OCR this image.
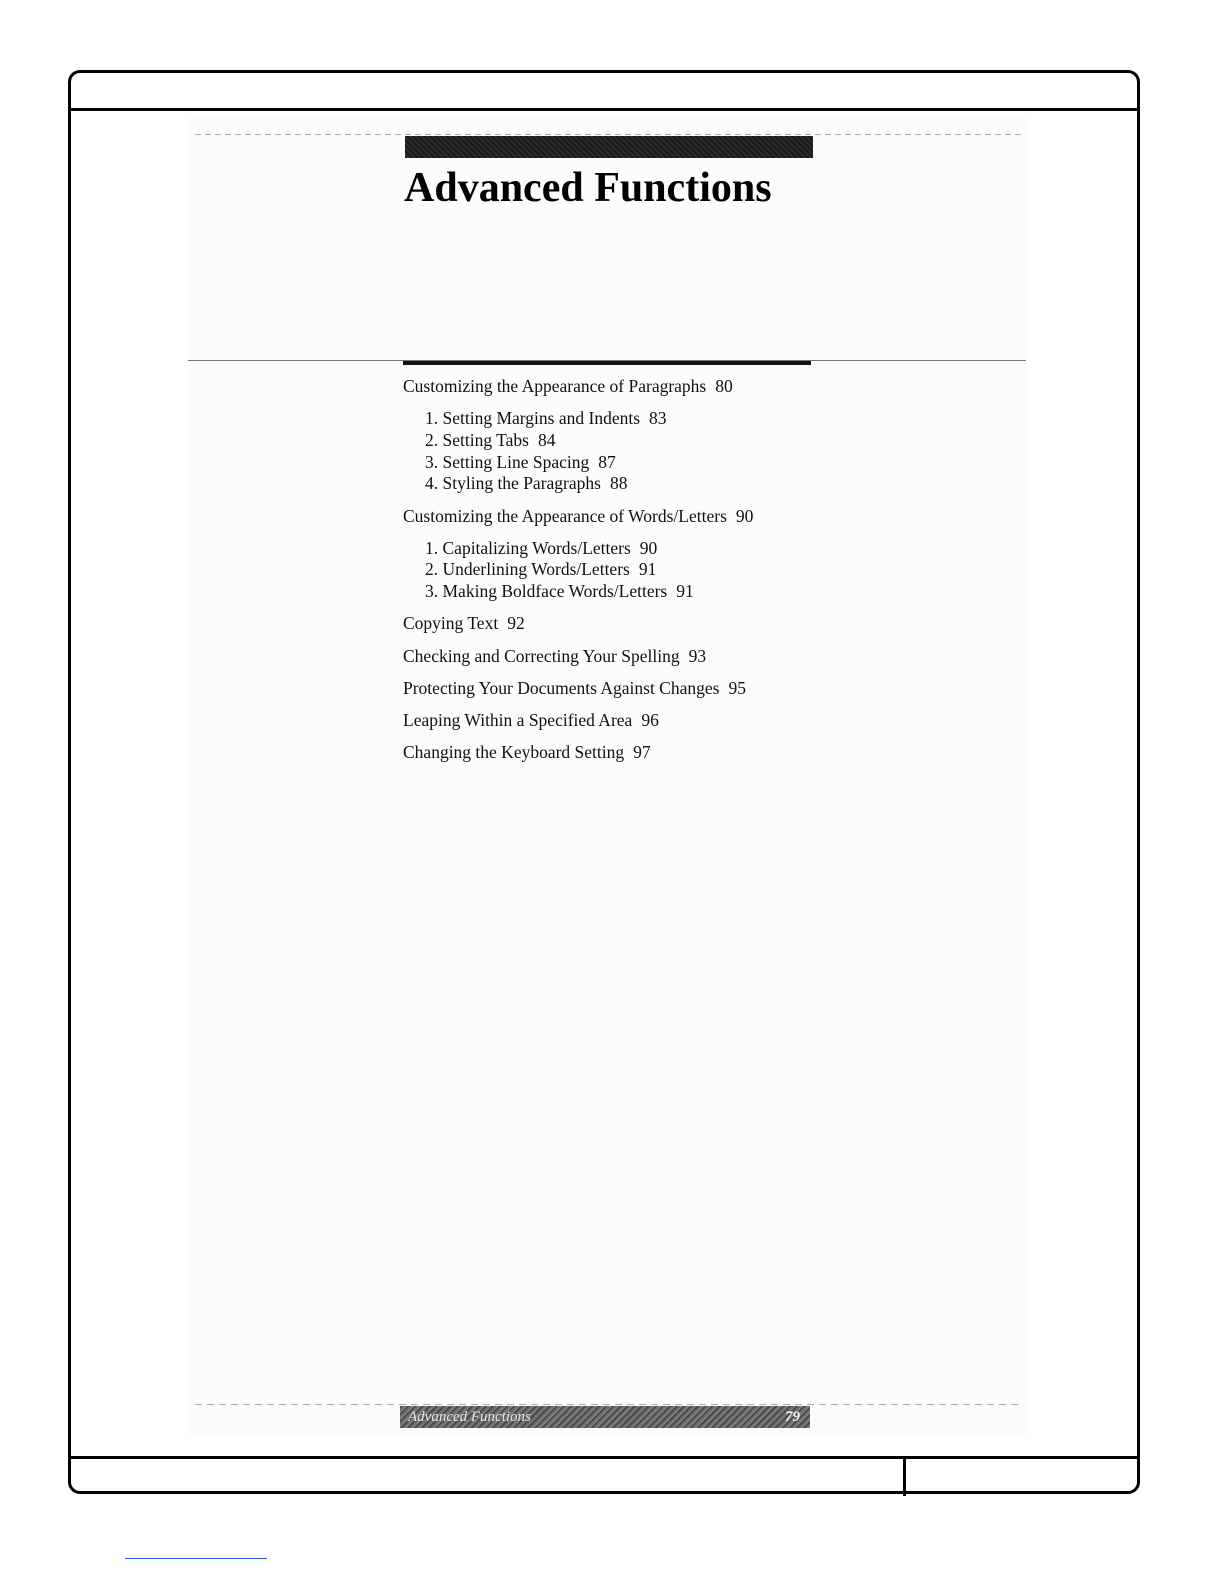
Advanced Functions
Customizing the Appearance of Paragraphs 80
1. Setting Margins and Indents 83
2. Setting Tabs 84
3. Setting Line Spacing 87
4. Styling the Paragraphs 88
Customizing the Appearance of Words/Letters 90
1. Capitalizing Words/Letters 90
2. Underlining Words/Letters 91
3. Making Boldface Words/Letters 91
Copying Text 92
Checking and Correcting Your Spelling 93
Protecting Your Documents Against Changes 95
Leaping Within a Specified Area 96
Changing the Keyboard Setting 97
Advanced Functions	79
